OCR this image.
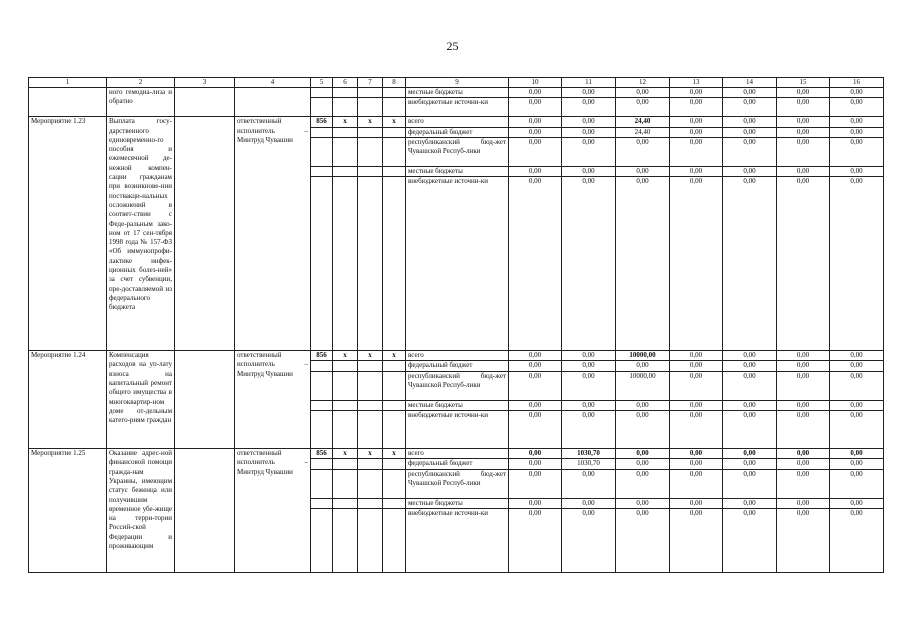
25
1	2	3	4	5	6	7	8	9	10	11	12	13	14	15	16
	ного гемодиа-лиза и обратно							местные бюджеты	0,00	0,00	0,00	0,00	0,00	0,00	0,00
								внебюджетные источни-ки	0,00	0,00	0,00	0,00	0,00	0,00	0,00
Мероприятие 1.23	Выплата госу-дарственного единовременно-го пособия и ежемесячной де-нежной компен-сации гражданам при возникнове-нии поствакци-нальных осложнений в соответ-ствии с Феде-ральным зако-ном от 17 сен-тября 1998 года № 157-ФЗ «Об иммунопрофи-лактике инфек-ционных болез-ней» за счет субвенции, пре-доставляемой из федерального бюджета		ответственный исполнитель – Минтруд Чувашии	856	х	х	х	всего	0,00	0,00	24,40	0,00	0,00	0,00	0,00
								федеральный бюджет	0,00	0,00	24,40	0,00	0,00	0,00	0,00
								республиканский бюд-жет Чувашской Респуб-лики	0,00	0,00	0,00	0,00	0,00	0,00	0,00
								местные бюджеты	0,00	0,00	0,00	0,00	0,00	0,00	0,00
								внебюджетные источни-ки	0,00	0,00	0,00	0,00	0,00	0,00	0,00
Мероприятие 1.24	Компенсация расходов на уп-лату взноса на капитальный ремонт общего имущества в многоквартир-ном доме от-дельным катего-риям граждан		ответственный исполнитель – Минтруд Чувашии	856	х	х	х	всего	0,00	0,00	10000,00	0,00	0,00	0,00	0,00
								федеральный бюджет	0,00	0,00	0,00	0,00	0,00	0,00	0,00
								республиканский бюд-жет Чувашской Респуб-лики	0,00	0,00	10000,00	0,00	0,00	0,00	0,00
								местные бюджеты	0,00	0,00	0,00	0,00	0,00	0,00	0,00
								внебюджетные источни-ки	0,00	0,00	0,00	0,00	0,00	0,00	0,00
Мероприятие 1.25	Оказание адрес-ной финансовой помощи гражда-нам Украины, имеющим статус беженца или получившим временное убе-жище на терри-тории Россий-ской Федерации и проживающим		ответственный исполнитель – Минтруд Чувашии	856	х	х	х	всего	0,00	1030,70	0,00	0,00	0,00	0,00	0,00
								федеральный бюджет	0,00	1030,70	0,00	0,00	0,00	0,00	0,00
								республиканский бюд-жет Чувашской Респуб-лики	0,00	0,00	0,00	0,00	0,00	0,00	0,00
								местные бюджеты	0,00	0,00	0,00	0,00	0,00	0,00	0,00
								внебюджетные источни-ки	0,00	0,00	0,00	0,00	0,00	0,00	0,00
